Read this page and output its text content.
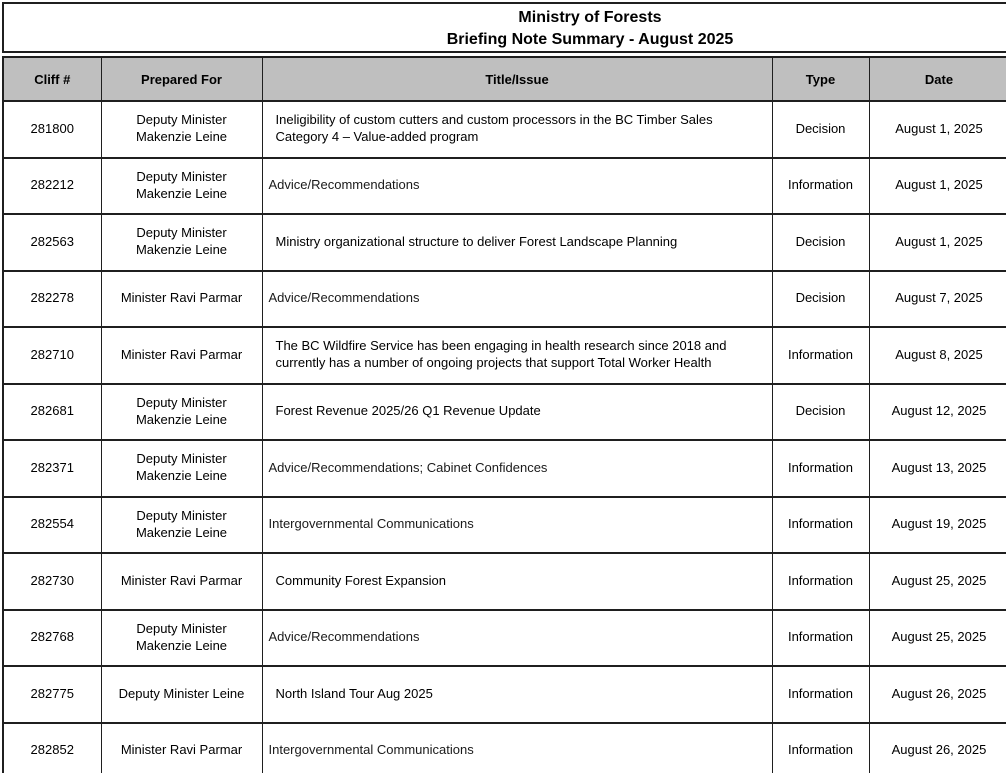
Ministry of Forests
Briefing Note Summary - August 2025
Cliff #	Prepared For	Title/Issue	Type	Date	
281800	Deputy Minister Makenzie Leine	Ineligibility of custom cutters and custom processors in the BC Timber Sales Category 4 – Value-added program	Decision	August 1, 2025	
282212	Deputy Minister Makenzie Leine	Advice/Recommendations	Information	August 1, 2025	
282563	Deputy Minister Makenzie Leine	Ministry organizational structure to deliver Forest Landscape Planning	Decision	August 1, 2025	
282278	Minister Ravi Parmar	Advice/Recommendations	Decision	August 7, 2025	
282710	Minister Ravi Parmar	The BC Wildfire Service has been engaging in health research since 2018 and currently has a number of ongoing projects that support Total Worker Health	Information	August 8, 2025	
282681	Deputy Minister Makenzie Leine	Forest Revenue 2025/26 Q1 Revenue Update	Decision	August 12, 2025	
282371	Deputy Minister Makenzie Leine	Advice/Recommendations; Cabinet Confidences	Information	August 13, 2025	
282554	Deputy Minister Makenzie Leine	Intergovernmental Communications	Information	August 19, 2025	
282730	Minister Ravi Parmar	Community Forest Expansion	Information	August 25, 2025	
282768	Deputy Minister Makenzie Leine	Advice/Recommendations	Information	August 25, 2025	
282775	Deputy Minister Leine	North Island Tour Aug 2025	Information	August 26, 2025	
282852	Minister Ravi Parmar	Intergovernmental Communications	Information	August 26, 2025	
